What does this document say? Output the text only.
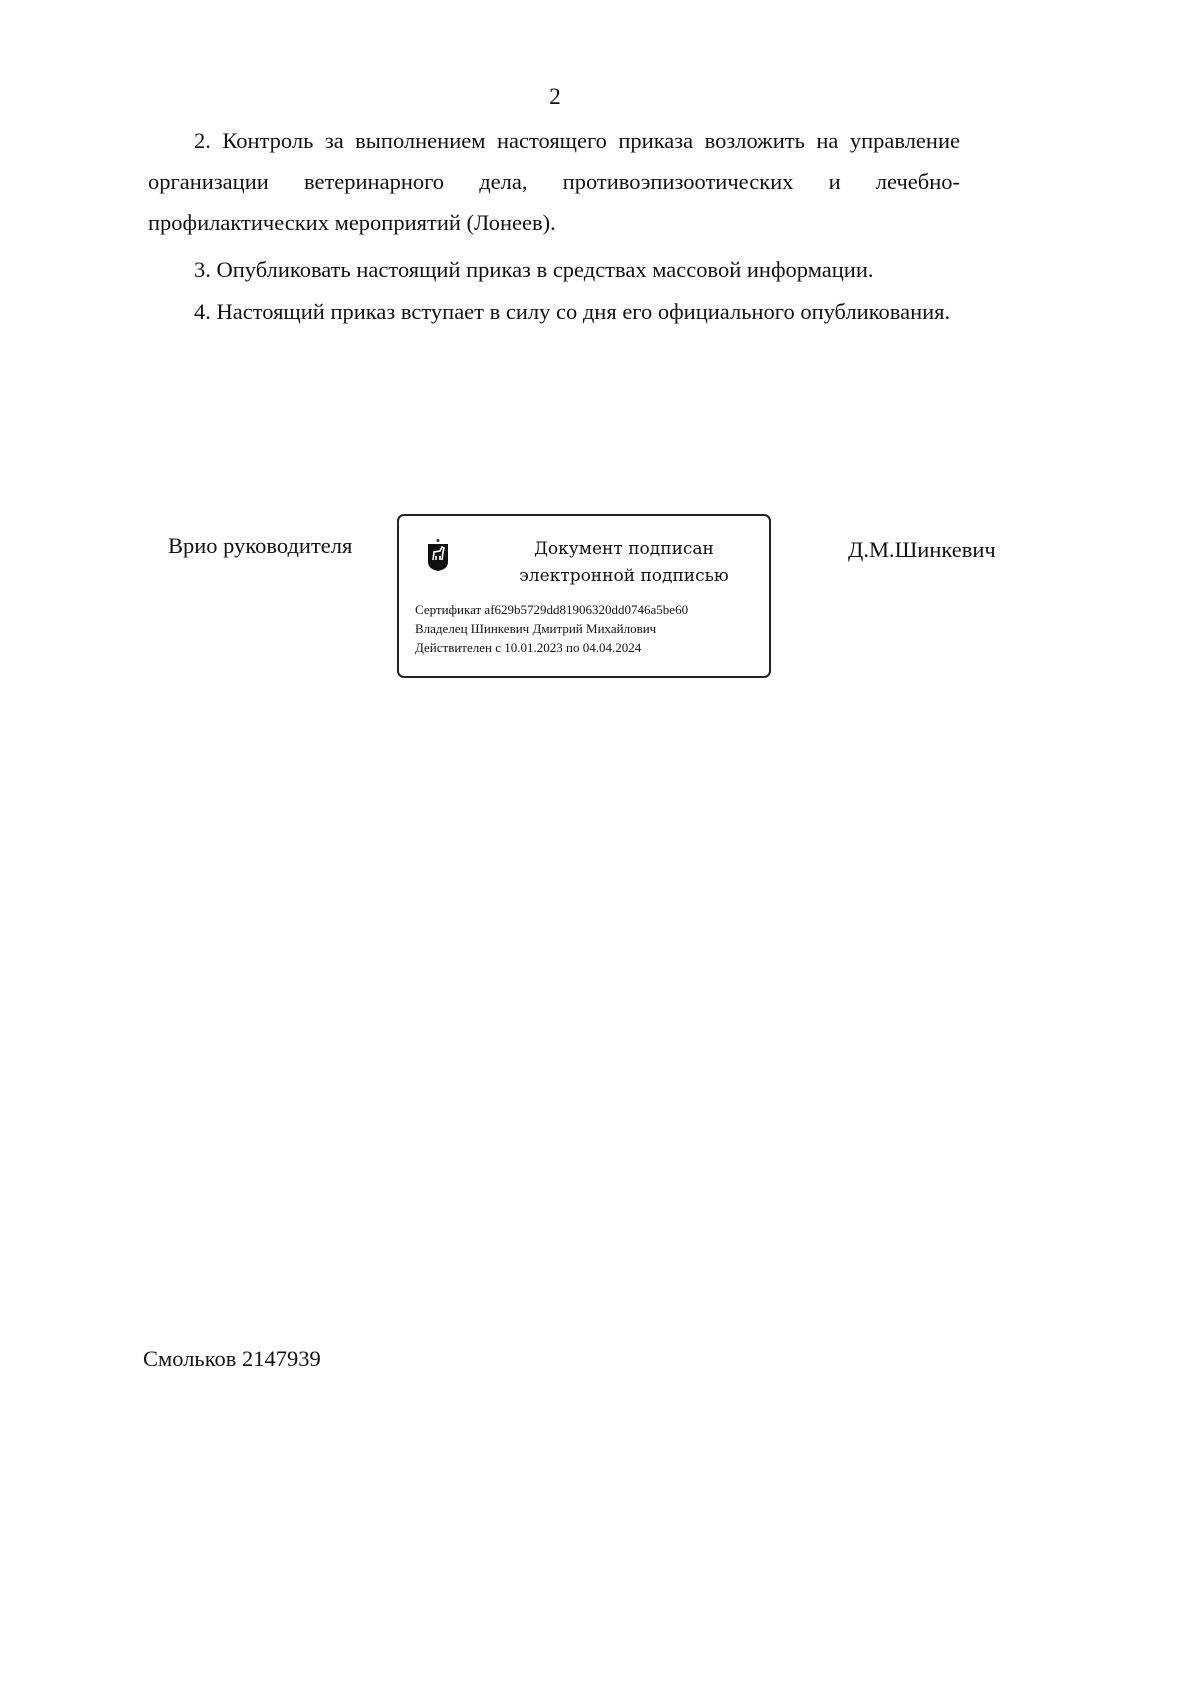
2
2. Контроль за выполнением настоящего приказа возложить на управление организации ветеринарного дела, противоэпизоотических и лечебно-профилактических мероприятий (Лонеев).
3. Опубликовать настоящий приказ в средствах массовой информации.
4. Настоящий приказ вступает в силу со дня его официального опубликования.
Врио руководителя	Документ подписан
электронной подписью
Сертификат af629b5729dd81906320dd0746a5be60
Владелец Шинкевич Дмитрий Михайлович
Действителен с 10.01.2023 по 04.04.2024
Д.М.Шинкевич
Смольков 2147939
